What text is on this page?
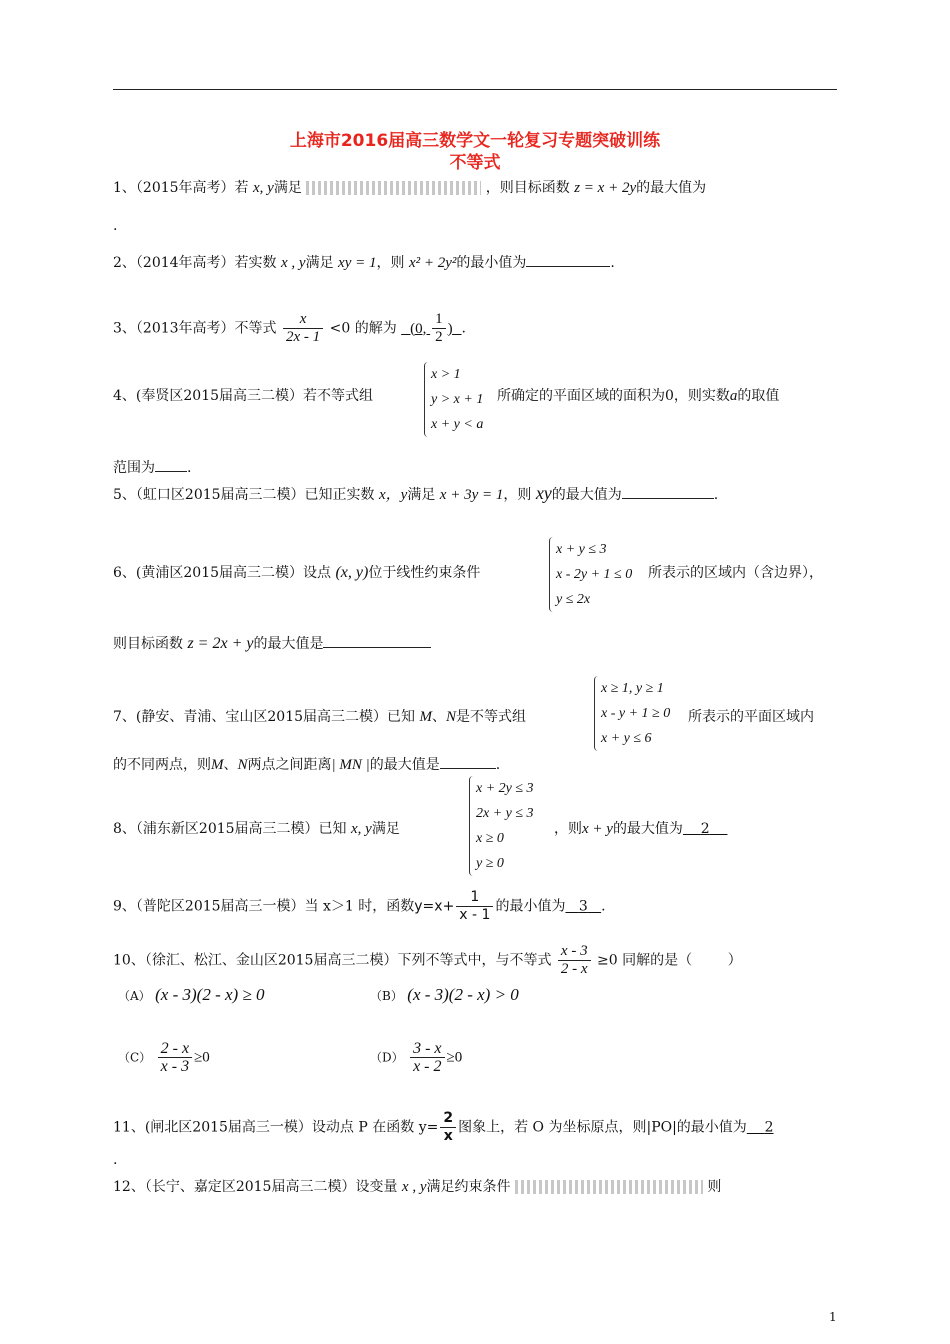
上海市2016届高三数学文一轮复习专题突破训练
不等式
1、（2015年高考）若 x, y满足	，则目标函数 z = x + 2y的最大值为
.
2、（2014年高考）若实数 x , y满足 xy = 1，则 x² + 2y²的最小值为	.
3、（2013年高考）不等式 $\frac{x}{2x - 1} <0$ 的解为 (0, $\frac{1}{2}$ ) .
4、(奉贤区2015届高三二模）若不等式组
x > 1
y > x + 1
x + y < a
所确定的平面区域的面积为0，则实数a的取值
范围为 .
5、（虹口区2015届高三二模）已知正实数 x，y满足 x + 3y = 1，则 xy的最大值为	.
6、(黄浦区2015届高三二模）设点 (x, y)位于线性约束条件
x + y ≤ 3
x - 2y + 1 ≤ 0
y ≤ 2x
所表示的区域内（含边界），
则目标函数 z = 2x + y的最大值是
7、(静安、青浦、宝山区2015届高三二模）已知 M、N是不等式组
x ≥ 1, y ≥ 1
x - y + 1 ≥ 0
x + y ≤ 6
所表示的平面区域内
的不同两点，则M、N两点之间距离| MN |的最大值是	.
8、（浦东新区2015届高三二模）已知 x, y满足
x + 2y ≤ 3
2x + y ≤ 3
x ≥ 0
y ≥ 0
，则x + y的最大值为 2
9、（普陀区2015届高三一模）当 x＞1 时，函数$y=x+ \frac{1}{x - 1}$ 的最小值为 3 .
10、（徐汇、松江、金山区2015届高三二模）下列不等式中，与不等式 $\frac{x - 3}{2 - x} \ge 0$ 同解的是（	）
（A） (x - 3)(2 - x) ≥ 0	（B） (x - 3)(2 - x) > 0
$(C) \frac{2 - x}{x - 3} \ge 0$	$(D) \frac{3 - x}{x - 2} \ge 0$
11、(闸北区2015届高三一模）设动点 P 在函数 $y= \frac{2}{x}$ 图象上，若 O 为坐标原点，则|PO|的最小值为 2
.
12、（长宁、嘉定区2015届高三二模）设变量 x , y满足约束条件	则
1
